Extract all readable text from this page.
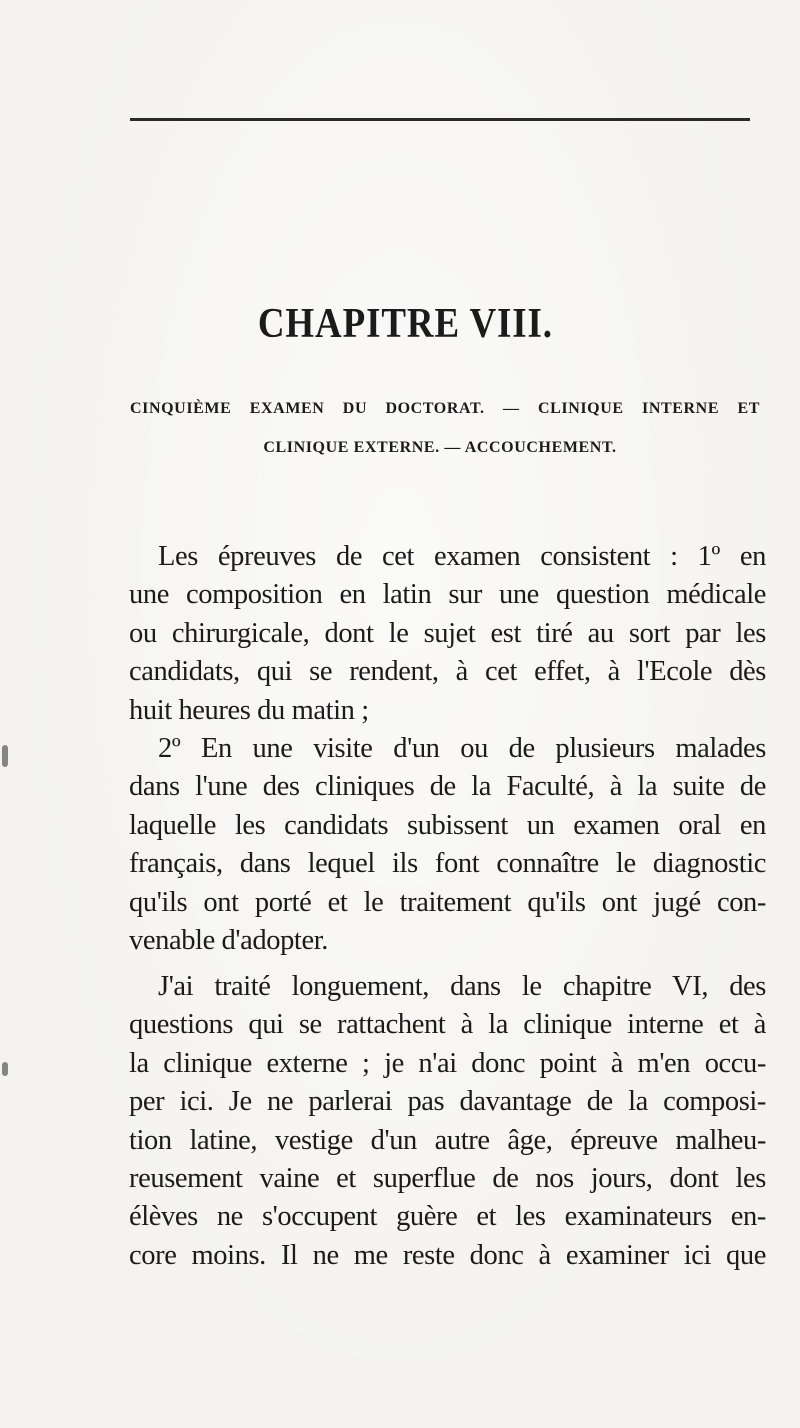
CHAPITRE VIII.
CINQUIÈME EXAMEN DU DOCTORAT. — CLINIQUE INTERNE ET
CLINIQUE EXTERNE. — ACCOUCHEMENT.
Les épreuves de cet examen consistent : 1º en
une composition en latin sur une question médicale
ou chirurgicale, dont le sujet est tiré au sort par les
candidats, qui se rendent, à cet effet, à l'Ecole dès
huit heures du matin ;
2º En une visite d'un ou de plusieurs malades
dans l'une des cliniques de la Faculté, à la suite de
laquelle les candidats subissent un examen oral en
français, dans lequel ils font connaître le diagnostic
qu'ils ont porté et le traitement qu'ils ont jugé con-
venable d'adopter.
J'ai traité longuement, dans le chapitre VI, des
questions qui se rattachent à la clinique interne et à
la clinique externe ; je n'ai donc point à m'en occu-
per ici. Je ne parlerai pas davantage de la composi-
tion latine, vestige d'un autre âge, épreuve malheu-
reusement vaine et superflue de nos jours, dont les
élèves ne s'occupent guère et les examinateurs en-
core moins. Il ne me reste donc à examiner ici que
